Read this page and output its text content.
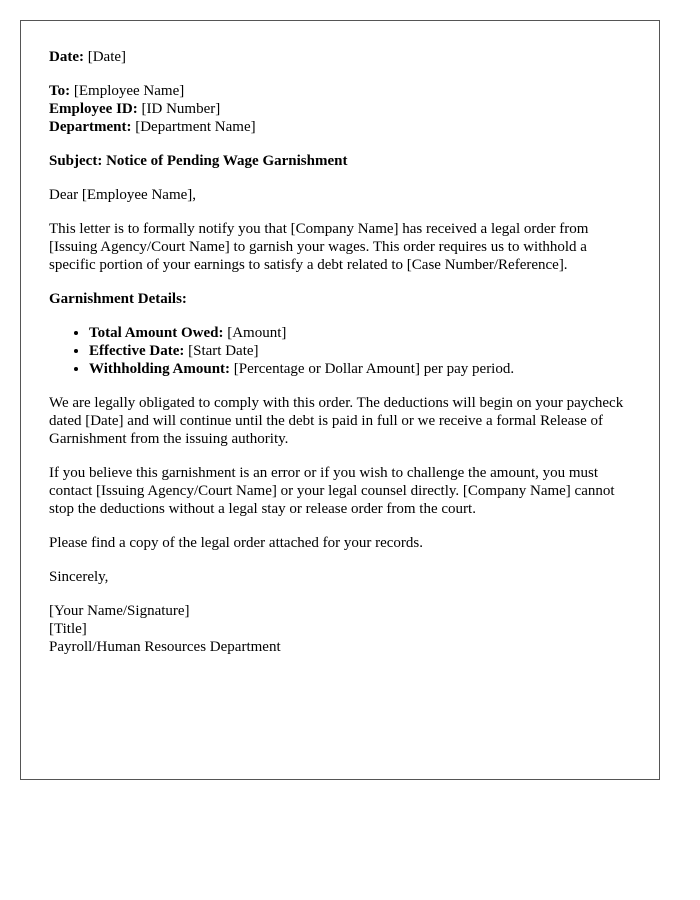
Date: [Date]

To: [Employee Name]

Employee ID: [ID Number]

Department: [Department Name]

Subject: Notice of Pending Wage Garnishment

Dear [Employee Name],

This letter is to formally notify you that [Company Name] has received a legal order from [Issuing Agency/Court Name] to garnish your wages. This order requires us to withhold a specific portion of your earnings to satisfy a debt related to [Case Number/Reference].

Garnishment Details:

• Total Amount Owed: [Amount]
• Effective Date: [Start Date]
• Withholding Amount: [Percentage or Dollar Amount] per pay period.

We are legally obligated to comply with this order. The deductions will begin on your paycheck dated [Date] and will continue until the debt is paid in full or we receive a formal Release of Garnishment from the issuing authority.

If you believe this garnishment is an error or if you wish to challenge the amount, you must contact [Issuing Agency/Court Name] or your legal counsel directly. [Company Name] cannot stop the deductions without a legal stay or release order from the court.

Please find a copy of the legal order attached for your records.

Sincerely,

[Your Name/Signature]

[Title]

Payroll/Human Resources Department
